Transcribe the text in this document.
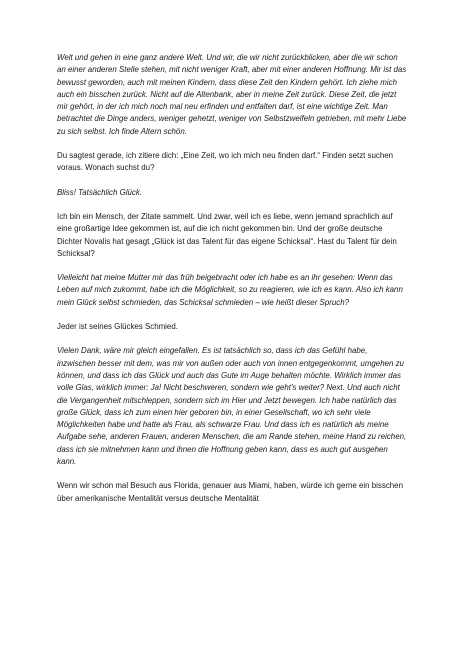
Welt und gehen in eine ganz andere Welt. Und wir, die wir nicht zurückblicken, aber die wir schon an einer anderen Stelle stehen, mit nicht weniger Kraft, aber mit einer anderen Hoffnung. Mir ist das bewusst geworden, auch mit meinen Kindern, dass diese Zeit den Kindern gehört. Ich ziehe mich auch ein bisschen zurück. Nicht auf die Altenbank, aber in meine Zeit zurück. Diese Zeit, die jetzt mir gehört, in der ich mich noch mal neu erfinden und entfalten darf, ist eine wichtige Zeit. Man betrachtet die Dinge anders, weniger gehetzt, weniger von Selbstzweifeln getrieben, mit mehr Liebe zu sich selbst. Ich finde Altern schön.

Du sagtest gerade, ich zitiere dich: „Eine Zeit, wo ich mich neu finden darf.“ Finden setzt suchen voraus. Wonach suchst du?

Bliss! Tatsächlich Glück.

Ich bin ein Mensch, der Zitate sammelt. Und zwar, weil ich es liebe, wenn jemand sprachlich auf eine großartige Idee gekommen ist, auf die ich nicht gekommen bin. Und der große deutsche Dichter Novalis hat gesagt „Glück ist das Talent für das eigene Schicksal“. Hast du Talent für dein Schicksal?

Vielleicht hat meine Mutter mir das früh beigebracht oder ich habe es an ihr gesehen: Wenn das Leben auf mich zukommt, habe ich die Möglichkeit, so zu reagieren, wie ich es kann. Also ich kann mein Glück selbst schmieden, das Schicksal schmieden – wie heißt dieser Spruch?

Jeder ist seines Glückes Schmied.

Vielen Dank, wäre mir gleich eingefallen. Es ist tatsächlich so, dass ich das Gefühl habe, inzwischen besser mit dem, was mir von außen oder auch von innen entgegenkommt, umgehen zu können, und dass ich das Glück und auch das Gute im Auge behalten möchte. Wirklich immer das volle Glas, wirklich immer: Ja! Nicht beschweren, sondern wie geht's weiter? Next. Und auch nicht die Vergangenheit mitschleppen, sondern sich im Hier und Jetzt bewegen. Ich habe natürlich das große Glück, dass ich zum einen hier geboren bin, in einer Gesellschaft, wo ich sehr viele Möglichkeiten habe und hatte als Frau, als schwarze Frau. Und dass ich es natürlich als meine Aufgabe sehe, anderen Frauen, anderen Menschen, die am Rande stehen, meine Hand zu reichen, dass ich sie mitnehmen kann und ihnen die Hoffnung geben kann, dass es auch gut ausgehen kann.

Wenn wir schon mal Besuch aus Florida, genauer aus Miami, haben, würde ich gerne ein bisschen über amerikanische Mentalität versus deutsche Mentalität
